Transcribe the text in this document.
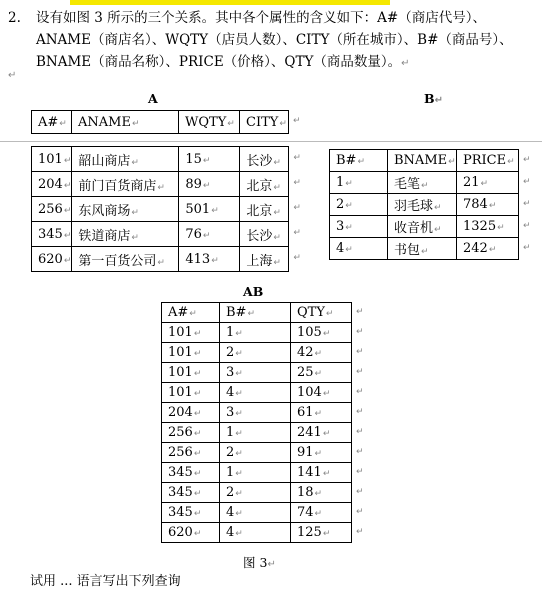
2. 设有如图 3 所示的三个关系。其中各个属性的含义如下：A#（商店代号）、
ANAME（商店名）、WQTY（店员人数）、CITY（所在城市）、B#（商品号）、
BNAME（商品名称）、PRICE（价格）、QTY（商品数量）。↵
↵
A	B↵
A#↵	ANAME↵	WQTY↵	CITY↵
101↵	韶山商店↵	15↵	长沙↵
204↵	前门百货商店↵	89↵	北京↵
256↵	东风商场↵	501↵	北京↵
345↵	铁道商店↵	76↵	长沙↵
620↵	第一百货公司↵	413↵	上海↵
B#↵	BNAME↵	PRICE↵
1↵	毛笔↵	21↵
2↵	羽毛球↵	784↵
3↵	收音机↵	1325↵
4↵	书包↵	242↵
AB
A#↵	B#↵	QTY↵
101↵	1↵	105↵
101↵	2↵	42↵
101↵	3↵	25↵
101↵	4↵	104↵
204↵	3↵	61↵
256↵	1↵	241↵
256↵	2↵	91↵
345↵	1↵	141↵
345↵	2↵	18↵
345↵	4↵	74↵
620↵	4↵	125↵
图 3↵
试用 ... 语言写出下列查询
↵
↵
↵
↵
↵
↵
↵
↵
↵
↵
↵
↵
↵
↵
↵
↵
↵
↵
↵
↵
↵
↵
↵
